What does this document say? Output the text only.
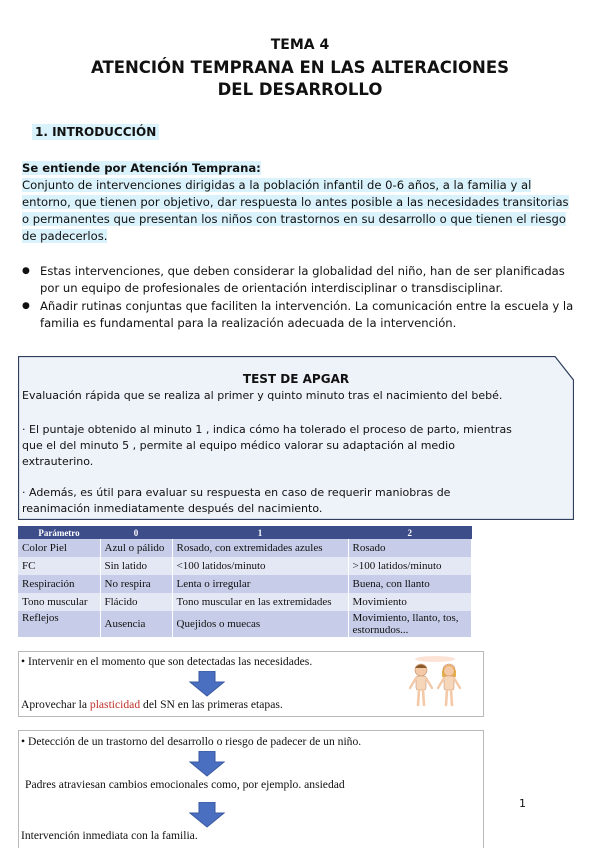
TEMA 4
ATENCIÓN TEMPRANA EN LAS ALTERACIONES
DEL DESARROLLO
1. INTRODUCCIÓN
Se entiende por Atención Temprana:
Conjunto de intervenciones dirigidas a la población infantil de 0-6 años, a la familia y al entorno, que tienen por objetivo, dar respuesta lo antes posible a las necesidades transitorias o permanentes que presentan los niños con trastornos en su desarrollo o que tienen el riesgo de padecerlos.
● Estas intervenciones, que deben considerar la globalidad del niño, han de ser planificadas por un equipo de profesionales de orientación interdisciplinar o transdisciplinar.
● Añadir rutinas conjuntas que faciliten la intervención. La comunicación entre la escuela y la familia es fundamental para la realización adecuada de la intervención.
TEST DE APGAR
Evaluación rápida que se realiza al primer y quinto minuto tras el nacimiento del bebé.
· El puntaje obtenido al minuto 1 , indica cómo ha tolerado el proceso de parto, mientras que el del minuto 5 , permite al equipo médico valorar su adaptación al medio extrauterino.
· Además, es útil para evaluar su respuesta en caso de requerir maniobras de reanimación inmediatamente después del nacimiento.
Parámetro	0	1	2
Color Piel	Azul o pálido	Rosado, con extremidades azules	Rosado
FC	Sin latido	<100 latidos/minuto	>100 latidos/minuto
Respiración	No respira	Lenta o irregular	Buena, con llanto
Tono muscular	Flácido	Tono muscular en las extremidades	Movimiento
Reflejos	Ausencia	Quejidos o muecas	Movimiento, llanto, tos, estornudos...
• Intervenir en el momento que son detectadas las necesidades.
Aprovechar la plasticidad del SN en las primeras etapas.
• Detección de un trastorno del desarrollo o riesgo de padecer de un niño.
Padres atraviesan cambios emocionales como, por ejemplo. ansiedad
Intervención inmediata con la familia.
1
